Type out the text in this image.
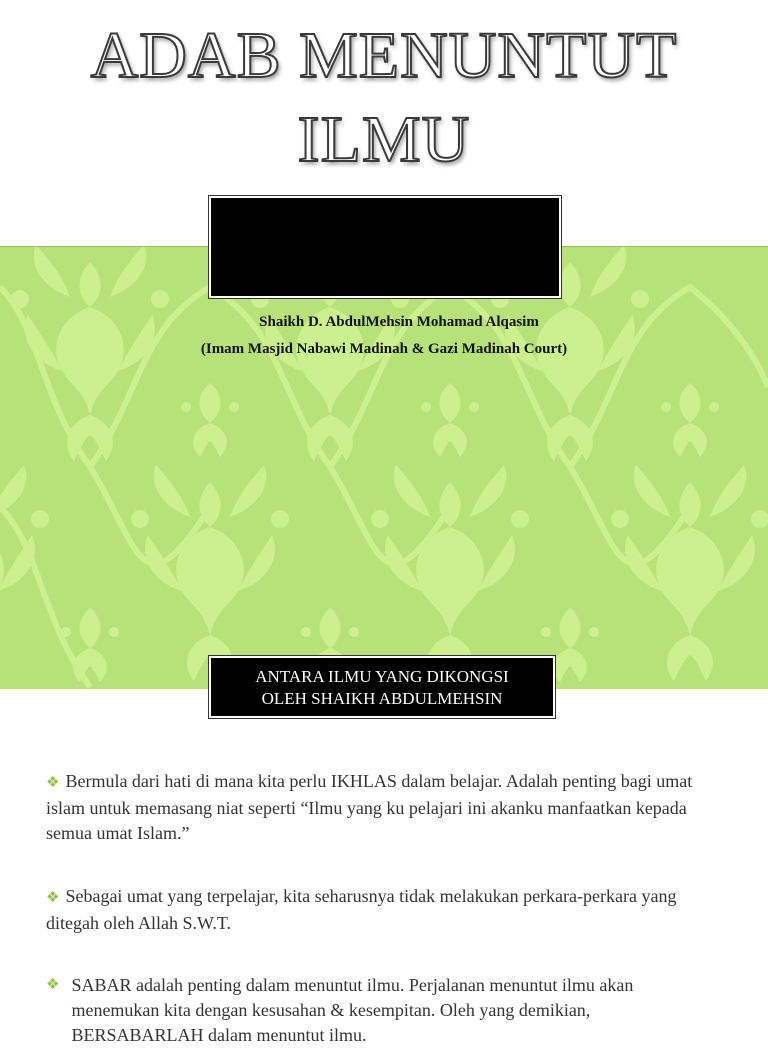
ADAB MENUNTUT
ILMU
Shaikh D. AbdulMehsin Mohamad Alqasim
(Imam Masjid Nabawi Madinah & Gazi Madinah Court)
ANTARA ILMU YANG DIKONGSI
OLEH SHAIKH ABDULMEHSIN

❖ Bermula dari hati di mana kita perlu IKHLAS dalam belajar. Adalah penting bagi umat islam untuk memasang niat seperti “Ilmu yang ku pelajari ini akanku manfaatkan kepada semua umat Islam.”

❖ Sebagai umat yang terpelajar, kita seharusnya tidak melakukan perkara-perkara yang ditegah oleh Allah S.W.T.

❖ SABAR adalah penting dalam menuntut ilmu. Perjalanan menuntut ilmu akan menemukan kita dengan kesusahan & kesempitan. Oleh yang demikian, BERSABARLAH dalam menuntut ilmu.
